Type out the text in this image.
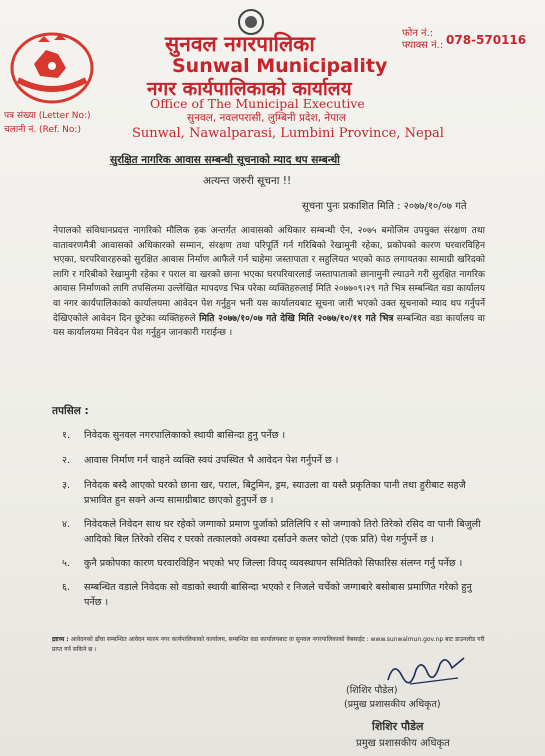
सुनवल नगरपालिका
Sunwal Municipality
नगर कार्यपालिकाको कार्यालय
Office of The Municipal Executive
सुनवल, नवलपरासी, लुम्बिनी प्रदेश, नेपाल
Sunwal, Nawalparasi, Lumbini Province, Nepal
फोन नं.:
फ्याक्स नं.: 078-570116
पत्र संख्या (Letter No:)
चलानी नं. (Ref. No:)
सुरक्षित नागरिक आवास सम्बन्धी सूचनाको म्याद थप सम्बन्धी
अत्यन्त जरुरी सूचना !!
सूचना पुनः प्रकाशित मिति : २०७७/१०/०७ गते
नेपालको संविधानप्रदत्त नागरिको मौलिक हक अन्तर्गत आवासको अधिकार सम्बन्धी ऐन, २०७५ बमोजिम उपयुक्त संरक्षण तथा वातावरणमैत्री आवासको अधिकारको सम्मान, संरक्षण तथा परिपूर्ति गर्न गरिबिको रेखामुनी रहेका, प्रकोपको कारण घरवारविहिन भएका, घरपरिवारहरुको सुरक्षित आवास निर्माण आफैले गर्न चाहेमा जस्तापाता र सहुलियत भएको काठ लगायतका सामाग्री खरिदको लागि र गरिबीको रेखामुनी रहेका र पराल वा खरको छाना भएका घरपरिवारलाई जस्तापाताको छानामुनी ल्याउने गरी सुरक्षित नागरिक आवास निर्माणको लागि तपसिलमा उल्लेखित मापदण्ड भित्र परेका व्यक्तिहरुलाई मिति २०७७०९।२९ गते भित्र सम्बन्धित वडा कार्यालय वा नगर कार्यपालिकाको कार्यालयमा आवेदन पेश गर्नुहुन भनी यस कार्यालयबाट सूचना जारी भएको उक्त सूचनाको म्याद थप गर्नुपर्ने देखिएकोले आवेदन दिन छुटेका व्यक्तिहरुले मिति २०७७/१०/०७ गते देखि मिति २०७७/१०/११ गते भित्र सम्बन्धित वडा कार्यालय वा यस कार्यालयमा निवेदन पेश गर्नुहुन जानकारी गराईन्छ ।
तपसिल :
१.	निवेदक सुनवल नगरपालिकाको स्थायी बासिन्दा हुनु पर्नेछ ।
२.	आवास निर्माण गर्न चाहने व्यक्ति स्वयं उपस्थित भै आवेदन पेश गर्नुपर्ने छ ।
३.	निवेदक बस्दै आएको घरको छाना खर, पराल, बिटुमिन, ड्रम, स्याउला वा यस्तै प्रकृतिका पानी तथा हुरीबाट सहजै प्रभावित हुन सक्ने अन्य सामाग्रीबाट छाएको हुनुपर्ने छ ।
४.	निवेदकले निवेदन साथ घर रहेको जग्गाको प्रमाण पुर्जाको प्रतिलिपि र सो जग्गाको तिरो तिरेको रसिद वा पानी बिजुली आदिको बिल तिरेको रसिद र घरको तत्कालको अवस्था दर्साउने कलर फोटो (एक प्रति) पेश गर्नुपर्ने छ ।
५.	कुनै प्रकोपका कारण घरवारविहिन भएको भए जिल्ला विपद् व्यवस्थापन समितिको सिफारिस संलग्न गर्नु पर्नेछ ।
६.	सम्बन्धित वडाले निवेदक सो वडाको स्थायी बासिन्दा भएको र निजले चर्चेको जग्गाबारे बसोबास प्रमाणित गरेको हुनु पर्नेछ ।
द्रष्टव्य : आवेदनको ढाँचा सम्बन्धित आवेदन फारम नगर कार्यपालिकाको कार्यालय, सम्बन्धित वडा कार्यालयबाट वा सुनवल नगरपालिकाको वेबसाईट : www.sunwalmun.gov.np बाट डाउनलोड गरी प्राप्त गर्न सकिने छ ।
(शिशिर पौडेल)
(प्रमुख प्रशासकीय अधिकृत)
शिशिर पौडेल
प्रमुख प्रशासकीय अधिकृत
